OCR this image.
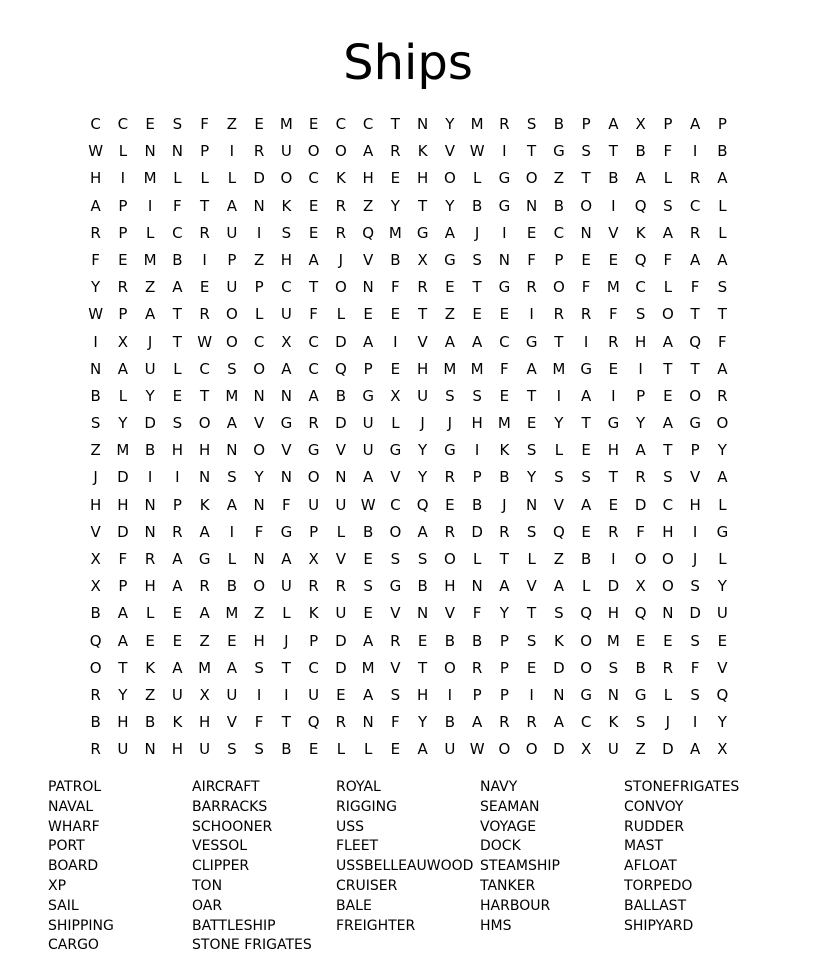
Ships
C	C	E	S	F	Z	E	M	E	C	C	T	N	Y	M	R	S	B	P	A	X	P	A	P
W	L	N	N	P	I	R	U	O	O	A	R	K	V W	I	T	G	S	T	B	F	I	B
H	I	M	L	L	L	D	O	C	K	H	E	H	O	L	G	O	Z	T	B	A	L	R	A
A	P	I	F	T	A	N	K	E	R	Z	Y	T	Y	B	G	N	B	O	I	Q	S	C	L
R	P	L	C	R	U	I	S	E	R	Q M G	A	J	I	E	C	N	V	K	A	R	L
F	E	M	B	I	P	Z	H	A	J	V	B	X	G	S	N	F	P	E	E	Q	F	A	A
Y	R	Z	A	E	U	P	C	T	O	N	F	R	E	T	G	R	O	F	M	C	L	F	S
W	P	A	T	R	O	L	U	F	L	E	E	T	Z	E	E	I	R	R	F	S	O	T	T
I	X	J	T	W O	C	X	C	D	A	I	V	A	A	C	G	T	I	R	H	A	Q	F
N	A	U	L	C	S	O	A	C	Q	P	E	H	M M	F	A	M G	E	I	T	T	A
B	L	Y	E	T	M	N	N	A	B	G	X	U	S	S	E	T	I	A	I	P	E	O	R
S	Y	D	S	O	A	V	G	R	D	U	L	J	J	H	M	E	Y	T	G	Y	A	G	O
Z	M	B	H	H	N	O	V	G	V	U	G	Y	G	I	K	S	L	E	H	A	T	P	Y
J	D	I	I	N	S	Y	N	O	N	A	V	Y	R	P	B	Y	S	S	T	R	S	V	A
H	H	N	P	K	A	N	F	U	U W C	Q	E	B	J	N	V	A	E	D	C	H	L
V	D	N	R	A	I	F	G	P	L	B	O	A	R	D	R	S	Q	E	R	F	H	I	G
X	F	R	A	G	L	N	A	X	V	E	S	S	O	L	T	L	Z	B	I	O	O	J	L
X	P	H	A	R	B	O	U	R	R	S	G	B	H	N	A	V	A	L	D	X	O	S	Y
B	A	L	E	A	M	Z	L	K	U	E	V	N	V	F	Y	T	S	Q	H	Q	N	D	U
Q	A	E	E	Z	E	H	J	P	D	A	R	E	B	B	P	S	K	O M	E	E	S	E
O	T	K	A	M	A	S	T	C	D M	V	T	O	R	P	E	D	O	S	B	R	F	V
R	Y	Z	U	X	U	I	I	U	E	A	S	H	I	P	P	I	N	G	N	G	L	S	Q
B	H	B	K	H	V	F	T	Q	R	N	F	Y	B	A	R	R	A	C	K	S	J	I	Y
R	U	N	H	U	S	S	B	E	L	L	E	A	U W O	O	D	X	U	Z	D	A	X
PATROL
NAVAL
WHARF
PORT
BOARD
XP
SAIL
SHIPPING
CARGO
AIRCRAFT
BARRACKS
SCHOONER
VESSOL
CLIPPER
TON
OAR
BATTLESHIP
STONE FRIGATES
ROYAL
RIGGING
USS
FLEET
USSBELLEAUWOOD
CRUISER
BALE
FREIGHTER
NAVY
SEAMAN
VOYAGE
DOCK
STEAMSHIP
TANKER
HARBOUR
HMS
STONEFRIGATES
CONVOY
RUDDER
MAST
AFLOAT
TORPEDO
BALLAST
SHIPYARD
